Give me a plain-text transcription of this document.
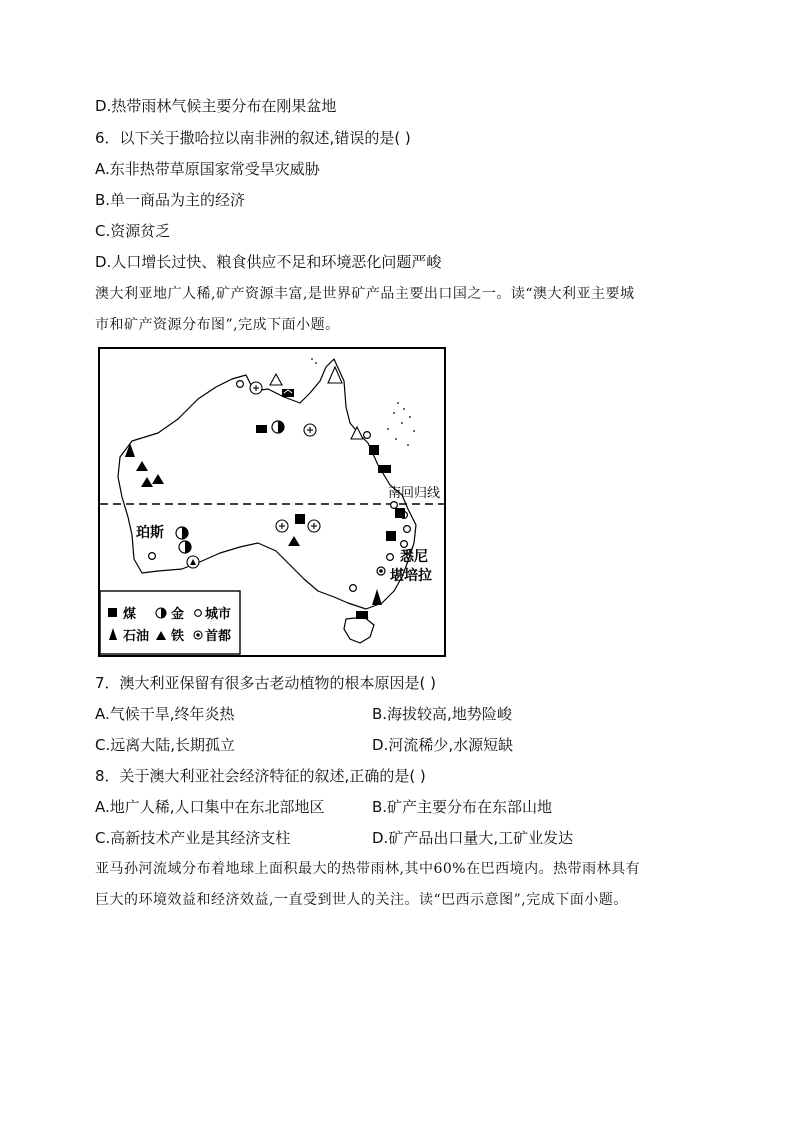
D.热带雨林气候主要分布在刚果盆地
6．以下关于撒哈拉以南非洲的叙述,错误的是( )
A.东非热带草原国家常受旱灾威胁
B.单一商品为主的经济
C.资源贫乏
D.人口增长过快、粮食供应不足和环境恶化问题严峻
澳大利亚地广人稀,矿产资源丰富,是世界矿产品主要出口国之一。读“澳大利亚主要城
市和矿产资源分布图”,完成下面小题。
南回归线
珀斯
悉尼
堪培拉
煤	金 城市
石油 铁 首都
7．澳大利亚保留有很多古老动植物的根本原因是( )
A.气候干旱,终年炎热	B.海拔较高,地势险峻
C.远离大陆,长期孤立	D.河流稀少,水源短缺
8．关于澳大利亚社会经济特征的叙述,正确的是( )
A.地广人稀,人口集中在东北部地区	B.矿产主要分布在东部山地
C.高新技术产业是其经济支柱	D.矿产品出口量大,工矿业发达
亚马孙河流域分布着地球上面积最大的热带雨林,其中60%在巴西境内。热带雨林具有
巨大的环境效益和经济效益,一直受到世人的关注。读“巴西示意图”,完成下面小题。
